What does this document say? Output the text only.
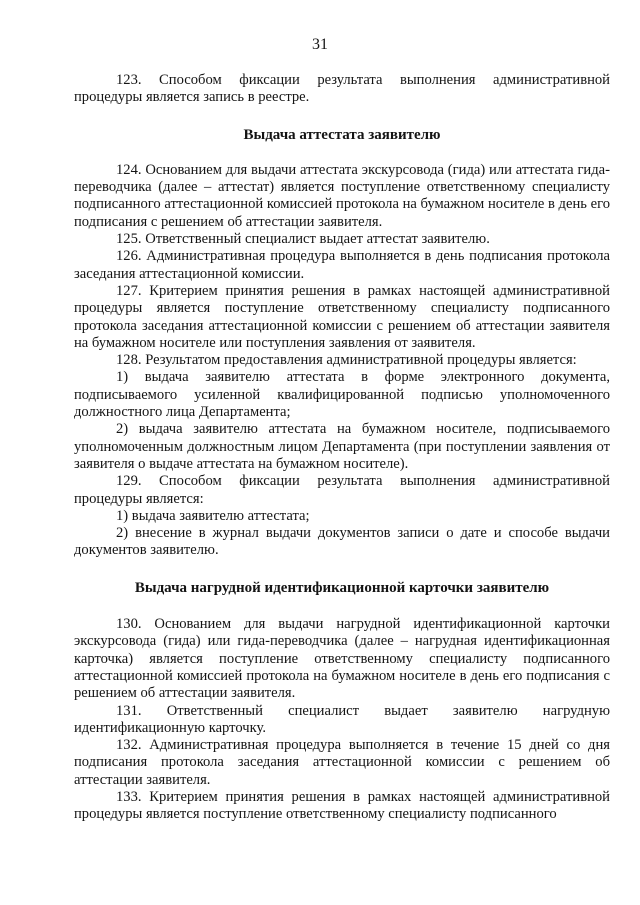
31

123. Способом фиксации результата выполнения административной процедуры является запись в реестре.

Выдача аттестата заявителю

124. Основанием для выдачи аттестата экскурсовода (гида) или аттестата гида-переводчика (далее – аттестат) является поступление ответственному специалисту подписанного аттестационной комиссией протокола на бумажном носителе в день его подписания с решением об аттестации заявителя.

125. Ответственный специалист выдает аттестат заявителю.

126. Административная процедура выполняется в день подписания протокола заседания аттестационной комиссии.

127. Критерием принятия решения в рамках настоящей административной процедуры является поступление ответственному специалисту подписанного протокола заседания аттестационной комиссии с решением об аттестации заявителя на бумажном носителе или поступления заявления от заявителя.

128. Результатом предоставления административной процедуры является:

1) выдача заявителю аттестата в форме электронного документа, подписываемого усиленной квалифицированной подписью уполномоченного должностного лица Департамента;

2) выдача заявителю аттестата на бумажном носителе, подписываемого уполномоченным должностным лицом Департамента (при поступлении заявления от заявителя о выдаче аттестата на бумажном носителе).

129. Способом фиксации результата выполнения административной процедуры является:

1) выдача заявителю аттестата;

2) внесение в журнал выдачи документов записи о дате и способе выдачи документов заявителю.

Выдача нагрудной идентификационной карточки заявителю

130. Основанием для выдачи нагрудной идентификационной карточки экскурсовода (гида) или гида-переводчика (далее – нагрудная идентификационная карточка) является поступление ответственному специалисту подписанного аттестационной комиссией протокола на бумажном носителе в день его подписания с решением об аттестации заявителя.

131. Ответственный специалист выдает заявителю нагрудную идентификационную карточку.

132. Административная процедура выполняется в течение 15 дней со дня подписания протокола заседания аттестационной комиссии с решением об аттестации заявителя.

133. Критерием принятия решения в рамках настоящей административной процедуры является поступление ответственному специалисту подписанного
